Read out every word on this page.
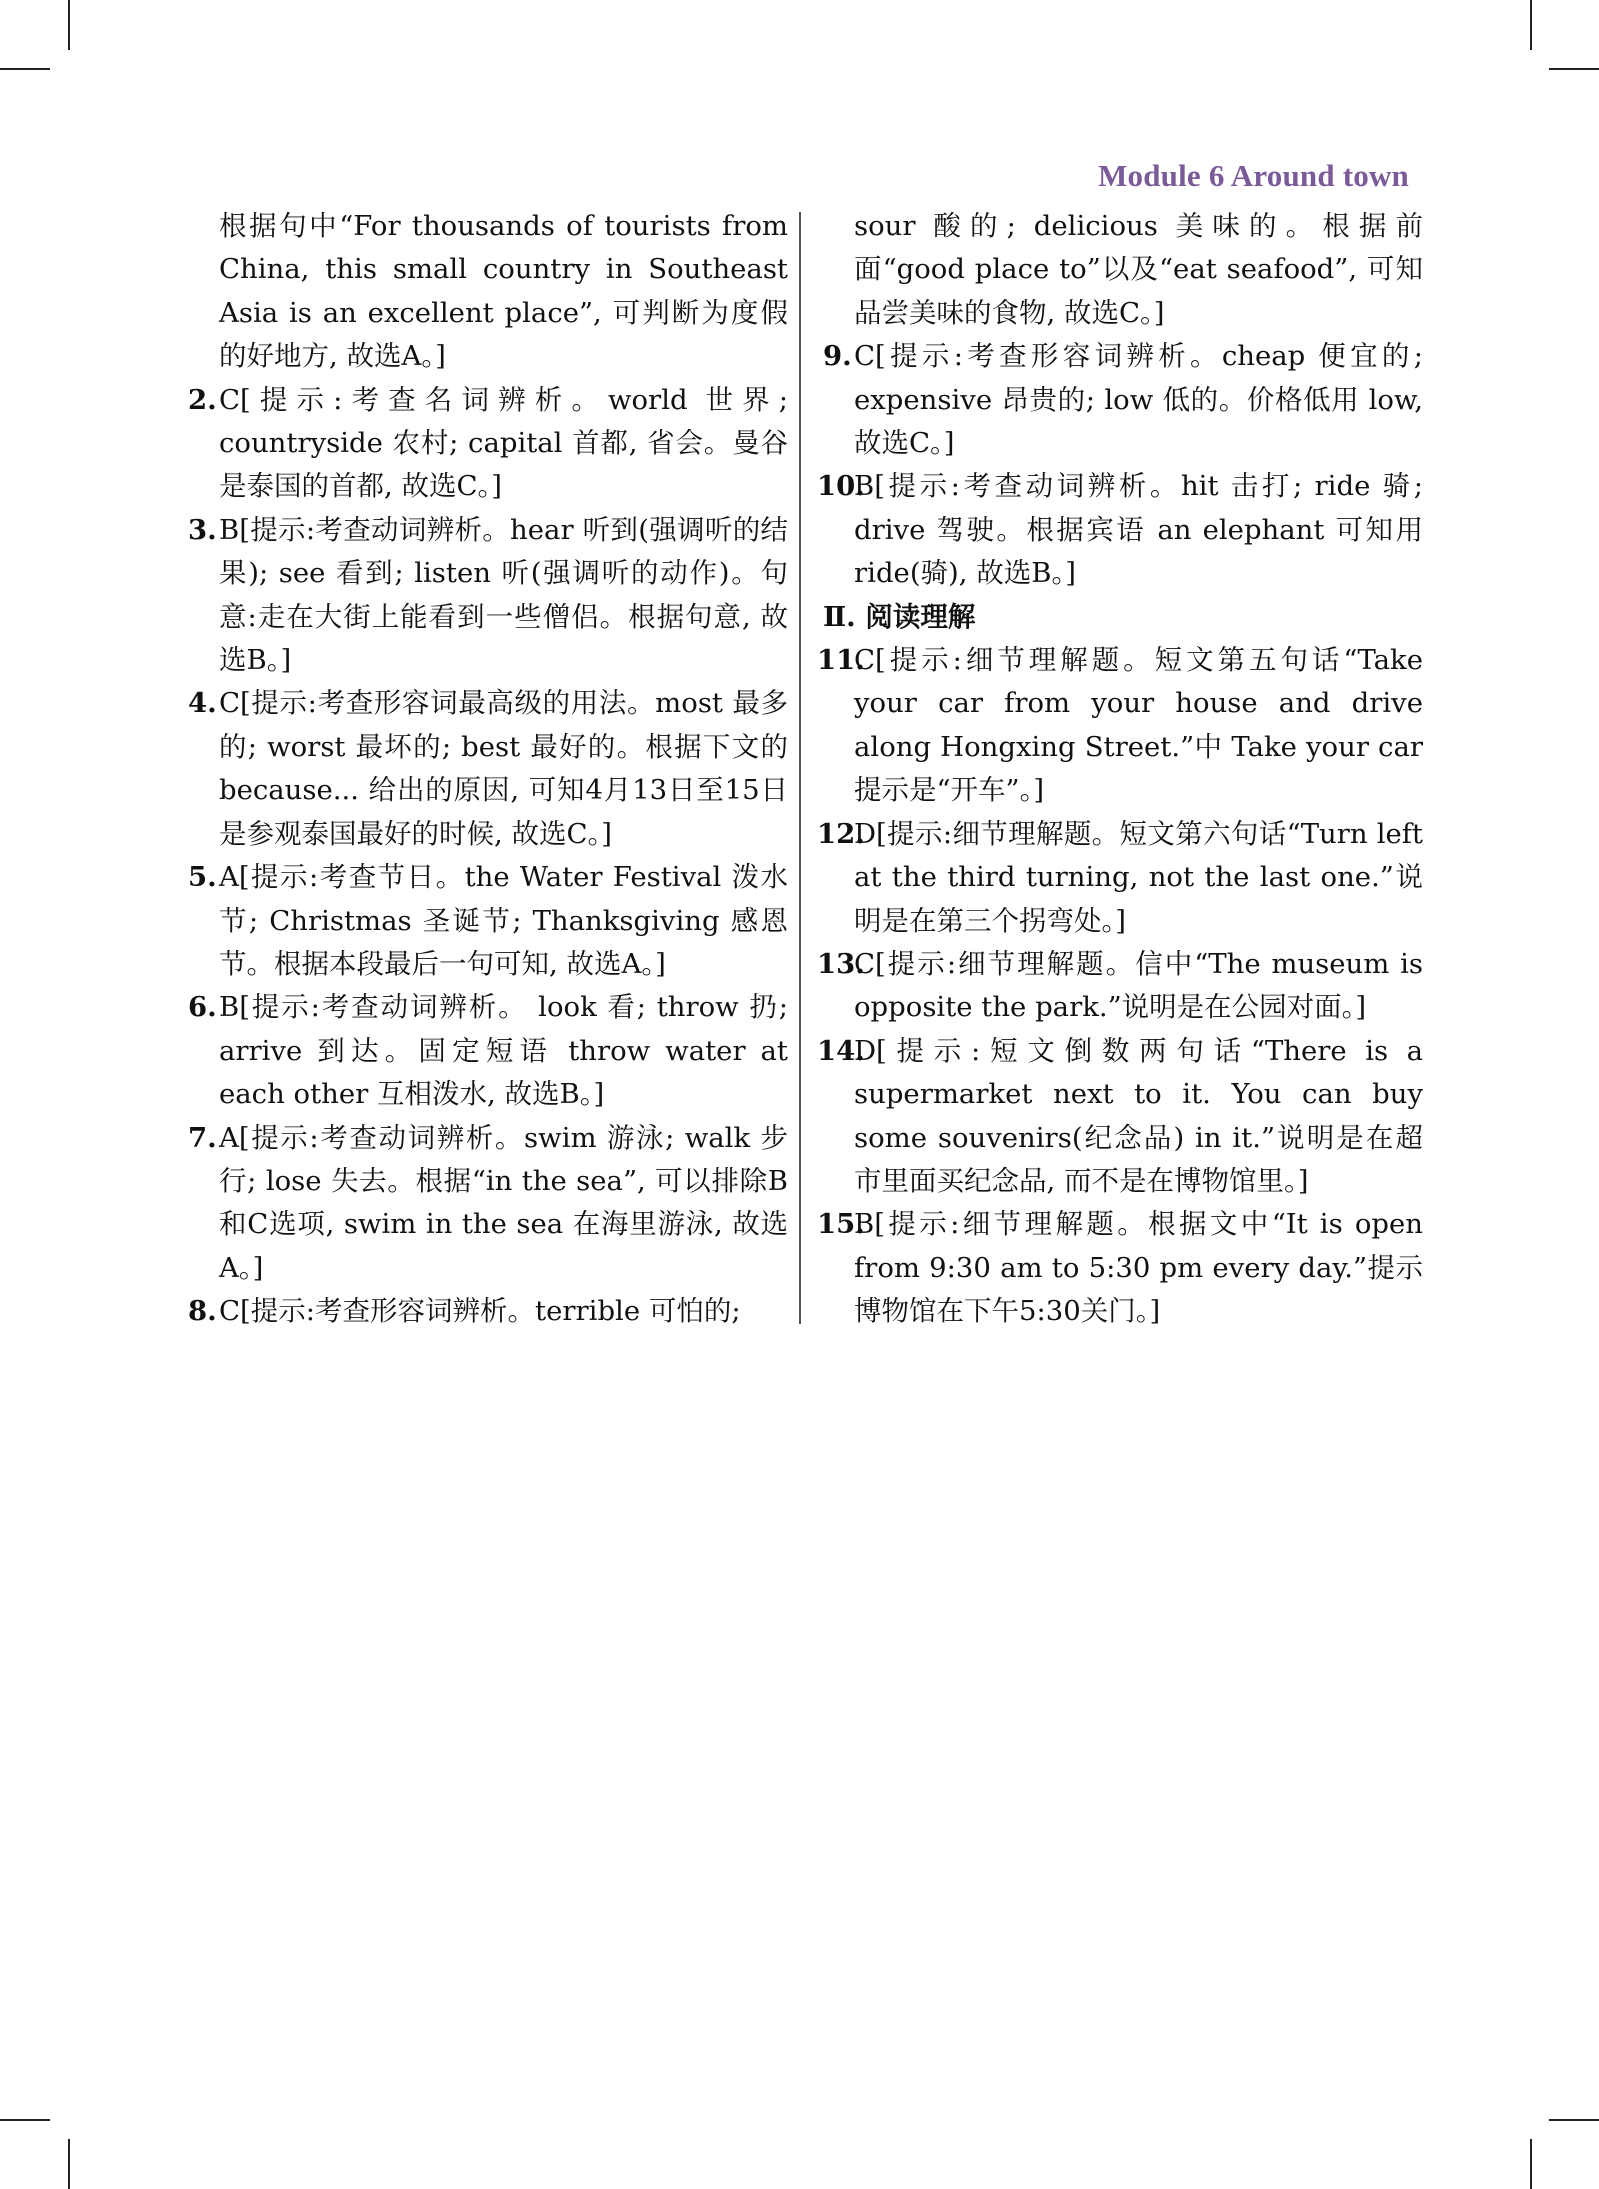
Module 6 Around town
根据句中“For thousands of tourists from China, this small country in Southeast Asia is an excellent place”, 可判断为度假的好地方, 故选A。]
2. C[提示:考查名词辨析。world 世界; countryside 农村; capital 首都, 省会。曼谷是泰国的首都, 故选C。]
3. B[提示:考查动词辨析。hear 听到(强调听的结果); see 看到; listen 听(强调听的动作)。句意:走在大街上能看到一些僧侣。根据句意, 故选B。]
4. C[提示:考查形容词最高级的用法。most 最多的; worst 最坏的; best 最好的。根据下文的 because... 给出的原因, 可知4月13日至15日是参观泰国最好的时候, 故选C。]
5. A[提示:考查节日。the Water Festival 泼水节; Christmas 圣诞节; Thanksgiving 感恩节。根据本段最后一句可知, 故选A。]
6. B[提示:考查动词辨析。 look 看; throw 扔; arrive 到达。固定短语 throw water at each other 互相泼水, 故选B。]
7. A[提示:考查动词辨析。swim 游泳; walk 步行; lose 失去。根据“in the sea”, 可以排除B和C选项, swim in the sea 在海里游泳, 故选A。]
8. C[提示:考查形容词辨析。terrible 可怕的;
sour 酸的; delicious 美味的。根据前面“good place to”以及“eat seafood”, 可知品尝美味的食物, 故选C。]
9. C[提示:考查形容词辨析。cheap 便宜的; expensive 昂贵的; low 低的。价格低用 low, 故选C。]
10.
B[提示:考查动词辨析。hit 击打; ride 骑; drive 驾驶。根据宾语 an elephant 可知用 ride(骑), 故选B。]
Ⅱ. 阅读理解
11.
C[提示:细节理解题。短文第五句话“Take your car from your house and drive along Hongxing Street.”中 Take your car 提示是“开车”。]
12.
D[提示:细节理解题。短文第六句话“Turn left at the third turning, not the last one.”说明是在第三个拐弯处。]
13.
C[提示:细节理解题。信中“The museum is opposite the park.”说明是在公园对面。]
14.
D[提示:短文倒数两句话“There is a supermarket next to it. You can buy some souvenirs(纪念品) in it.”说明是在超市里面买纪念品, 而不是在博物馆里。]
15.
B[提示:细节理解题。根据文中“It is open from 9:30 am to 5:30 pm every day.”提示博物馆在下午5:30关门。]
